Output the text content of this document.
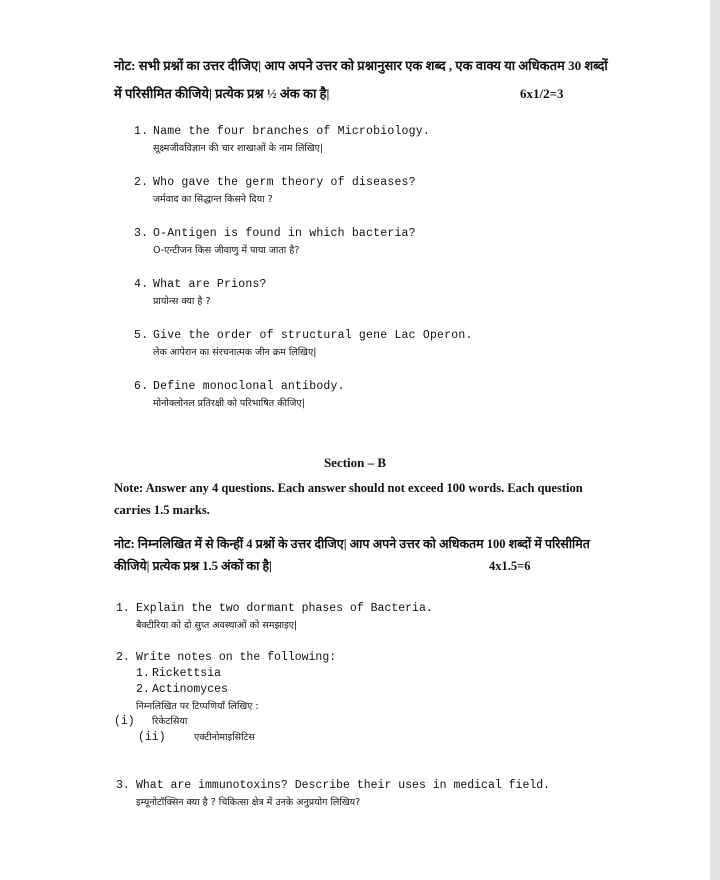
नोट: सभी प्रश्नों का उत्तर दीजिए| आप अपने उत्तर को प्रश्नानुसार एक शब्द , एक वाक्य या अधिकतम 30 शब्दों
में परिसीमित कीजिये| प्रत्येक प्रश्न ½ अंक का है|	6x1/2=3
1. Name the four branches of Microbiology.
सूक्ष्मजीवविज्ञान की चार शाखाओं के नाम लिखिए|
2. Who gave the germ theory of diseases?
जर्मवाद का सिद्धान्त किसने दिया ?
3. O-Antigen is found in which bacteria?
O-एन्टीजन किस जीवाणु में पाया जाता है?
4. What are Prions?
प्रायोन्स क्या है ?
5. Give the order of structural gene Lac Operon.
लेक आपेरान का संरचनात्मक जीन क्रम लिखिए|
6. Define monoclonal antibody.
मोनोक्लोनल प्रतिरक्षी को परिभाषित कीजिए|
Section – B
Note: Answer any 4 questions. Each answer should not exceed 100 words. Each question
carries 1.5 marks.
नोट: निम्नलिखित में से किन्हीं 4 प्रश्नों के उत्तर दीजिए| आप अपने उत्तर को अधिकतम 100 शब्दों में परिसीमित
कीजिये| प्रत्येक प्रश्न 1.5 अंकों का है|	4x1.5=6
1. Explain the two dormant phases of Bacteria.
बैक्टीरिया को दो सुप्त अवस्थाओं को समझाइए|
2. Write notes on the following:
1. Rickettsia
2. Actinomyces
निम्नलिखित पर टिप्पणियाँ लिखिए :
(i) रिकेटसिया
(ii)	एक्टीनोमाइसिटिस
3. What are immunotoxins? Describe their uses in medical field.
इम्यूनोटॉक्सिन क्या है ? चिकित्सा क्षेत्र में उनके अनुप्रयोग लिखिय?
